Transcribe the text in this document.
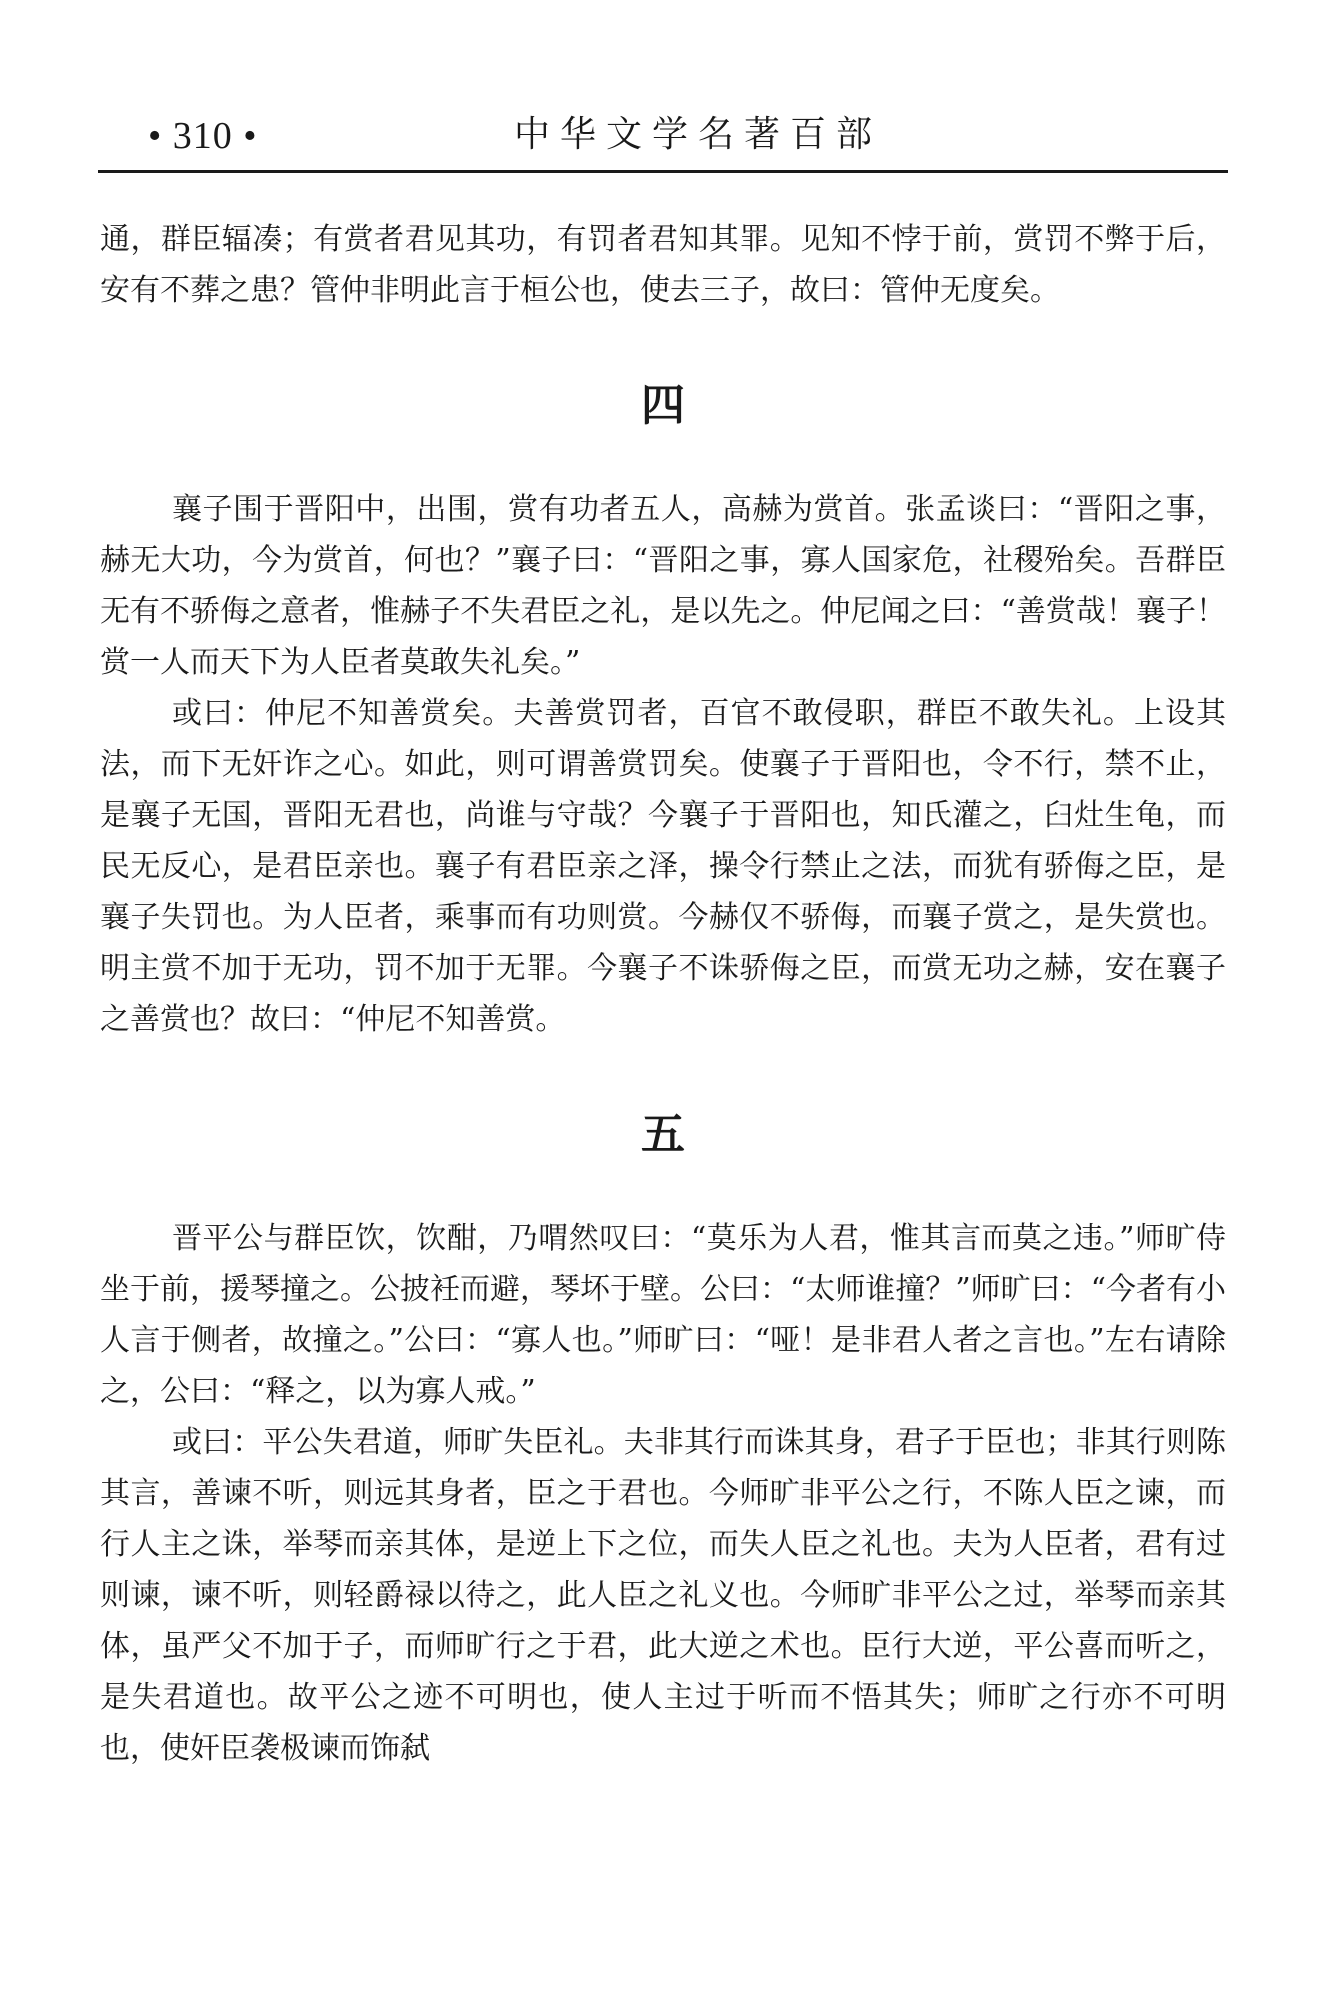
• 310 •	中华文学名著百部

通，群臣辐凑；有赏者君见其功，有罚者君知其罪。见知不悖于前，赏罚不弊于后，安有不葬之患？管仲非明此言于桓公也，使去三子，故曰：管仲无度矣。

四

襄子围于晋阳中，出围，赏有功者五人，高赫为赏首。张孟谈曰：“晋阳之事，赫无大功，今为赏首，何也？”襄子曰：“晋阳之事，寡人国家危，社稷殆矣。吾群臣无有不骄侮之意者，惟赫子不失君臣之礼，是以先之。仲尼闻之曰：“善赏哉！襄子！赏一人而天下为人臣者莫敢失礼矣。”

或曰：仲尼不知善赏矣。夫善赏罚者，百官不敢侵职，群臣不敢失礼。上设其法，而下无奸诈之心。如此，则可谓善赏罚矣。使襄子于晋阳也，令不行，禁不止，是襄子无国，晋阳无君也，尚谁与守哉？今襄子于晋阳也，知氏灌之，臼灶生龟，而民无反心，是君臣亲也。襄子有君臣亲之泽，操令行禁止之法，而犹有骄侮之臣，是襄子失罚也。为人臣者，乘事而有功则赏。今赫仅不骄侮，而襄子赏之，是失赏也。明主赏不加于无功，罚不加于无罪。今襄子不诛骄侮之臣，而赏无功之赫，安在襄子之善赏也？故曰：“仲尼不知善赏。

五

晋平公与群臣饮，饮酣，乃喟然叹曰：“莫乐为人君，惟其言而莫之违。”师旷侍坐于前，援琴撞之。公披衽而避，琴坏于壁。公曰：“太师谁撞？”师旷曰：“今者有小人言于侧者，故撞之。”公曰：“寡人也。”师旷曰：“哑！是非君人者之言也。”左右请除之，公曰：“释之，以为寡人戒。”

或曰：平公失君道，师旷失臣礼。夫非其行而诛其身，君子于臣也；非其行则陈其言，善谏不听，则远其身者，臣之于君也。今师旷非平公之行，不陈人臣之谏，而行人主之诛，举琴而亲其体，是逆上下之位，而失人臣之礼也。夫为人臣者，君有过则谏，谏不听，则轻爵禄以待之，此人臣之礼义也。今师旷非平公之过，举琴而亲其体，虽严父不加于子，而师旷行之于君，此大逆之术也。臣行大逆，平公喜而听之，是失君道也。故平公之迹不可明也，使人主过于听而不悟其失；师旷之行亦不可明也，使奸臣袭极谏而饰弑
